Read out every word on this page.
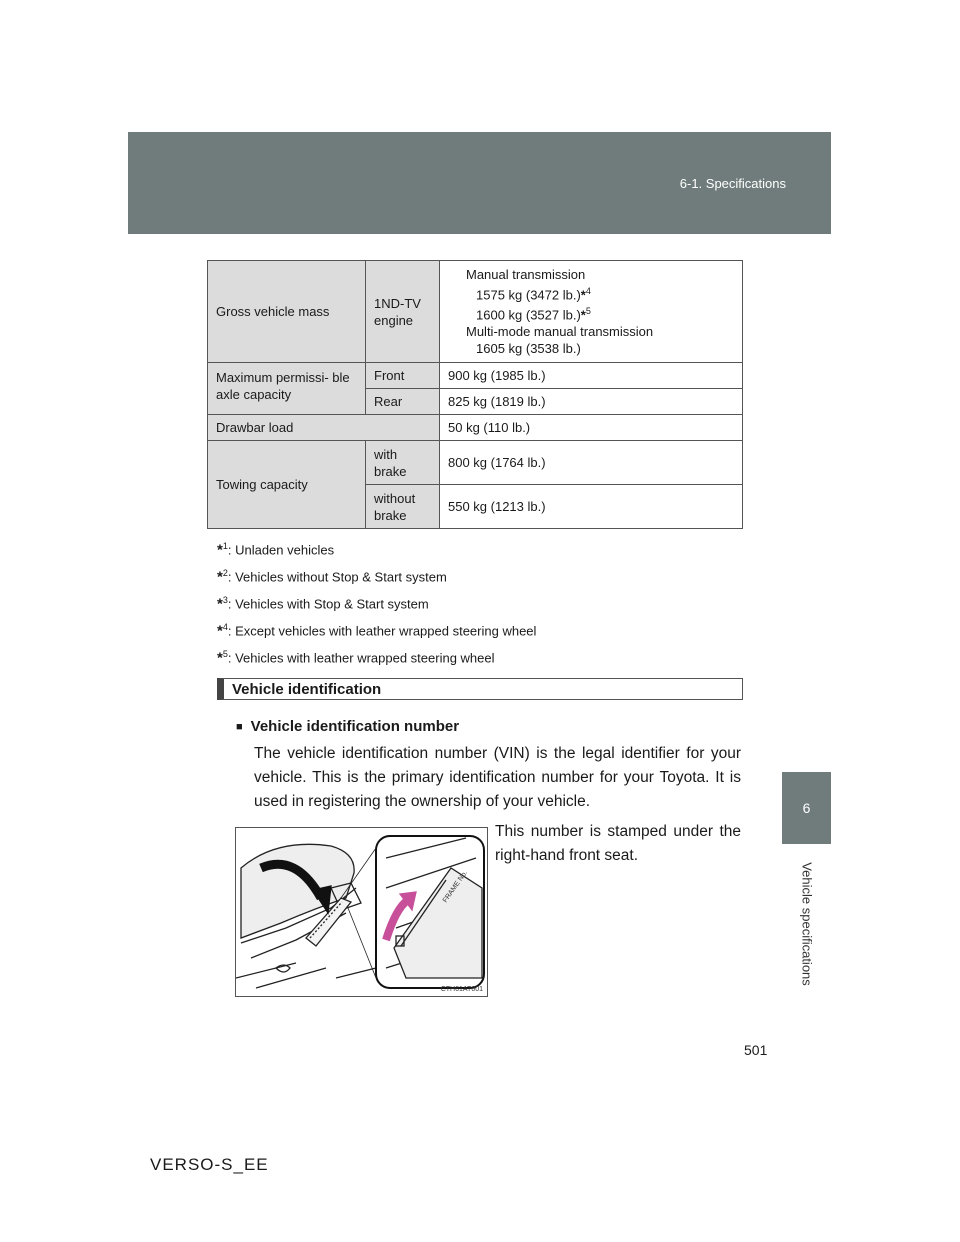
6-1. Specifications
6
Vehicle specifications
Gross vehicle mass	1ND-TV engine	Manual transmission
1575 kg (3472 lb.)*$^4$
1600 kg (3527 lb.)*$^5$
Multi-mode manual transmission
1605 kg (3538 lb.)

Maximum permissi- ble axle capacity	Front	900 kg (1985 lb.)
	Rear	825 kg (1819 lb.)
Drawbar load		50 kg (110 lb.)
Towing capacity	with brake	800 kg (1764 lb.)
	without brake	550 kg (1213 lb.)
*$^1$: Unladen vehicles
*$^2$: Vehicles without Stop & Start system
*$^3$: Vehicles with Stop & Start system
*$^4$: Except vehicles with leather wrapped steering wheel
*$^5$: Vehicles with leather wrapped steering wheel
Vehicle identification
■ Vehicle identification number
The vehicle identification number (VIN) is the legal identifier for your vehicle. This is the primary identification number for your Toyota. It is used in registering the ownership of your vehicle.
This number is stamped under the right-hand front seat.
FRAME No.
CTH61AT001
501
VERSO-S_EE
